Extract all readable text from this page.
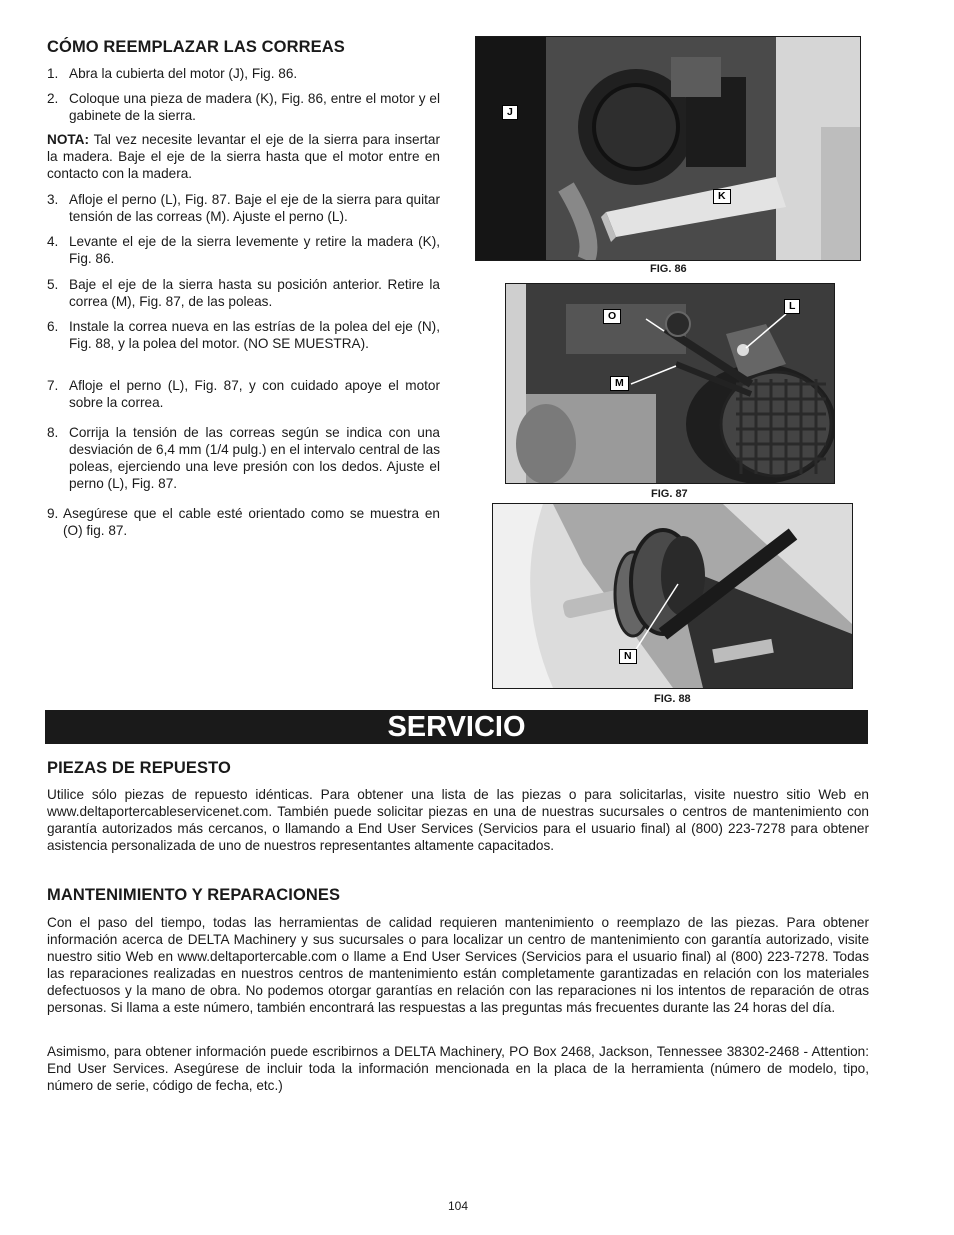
CÓMO REEMPLAZAR LAS CORREAS
1. Abra la cubierta del motor (J), Fig. 86.
2. Coloque una pieza de madera (K), Fig. 86, entre el motor y el gabinete de la sierra.
NOTA: Tal vez necesite levantar el eje de la sierra para insertar la madera. Baje el eje de la sierra hasta que el motor entre en contacto con la madera.
3. Afloje el perno (L), Fig. 87. Baje el eje de la sierra para quitar tensión de las correas (M). Ajuste el perno (L).
4. Levante el eje de la sierra levemente y retire la madera (K), Fig. 86.
5. Baje el eje de la sierra hasta su posición anterior. Retire la correa (M), Fig. 87, de las poleas.
6. Instale la correa nueva en las estrías de la polea del eje (N), Fig. 88, y la polea del motor. (NO SE MUESTRA).
7. Afloje el perno (L), Fig. 87, y con cuidado apoye el motor sobre la correa.
8. Corrija la tensión de las correas según se indica con una desviación de 6,4 mm (1/4 pulg.) en el intervalo central de las poleas, ejerciendo una leve presión con los dedos. Ajuste el perno (L), Fig. 87.
9. Asegúrese que el cable esté orientado como se muestra en (O) fig. 87.
J
K
FIG. 86
O
L
M
FIG. 87
N
FIG. 88
SERVICIO
PIEZAS DE REPUESTO
Utilice sólo piezas de repuesto idénticas. Para obtener una lista de las piezas o para solicitarlas, visite nuestro sitio Web en www.deltaportercableservicenet.com. También puede solicitar piezas en una de nuestras sucursales o centros de mantenimiento con garantía autorizados más cercanos, o llamando a End User Services (Servicios para el usuario final) al (800) 223-7278 para obtener asistencia personalizada de uno de nuestros representantes altamente capacitados.
MANTENIMIENTO Y REPARACIONES
Con el paso del tiempo, todas las herramientas de calidad requieren mantenimiento o reemplazo de las piezas. Para obtener información acerca de DELTA Machinery y sus sucursales o para localizar un centro de mantenimiento con garantía autorizado, visite nuestro sitio Web en www.deltaportercable.com o llame a End User Services (Servicios para el usuario final) al (800) 223-7278. Todas las reparaciones realizadas en nuestros centros de mantenimiento están completamente garantizadas en relación con los materiales defectuosos y la mano de obra. No podemos otorgar garantías en relación con las reparaciones ni los intentos de reparación de otras personas. Si llama a este número, también encontrará las respuestas a las preguntas más frecuentes durante las 24 horas del día.
Asimismo, para obtener información puede escribirnos a DELTA Machinery, PO Box 2468, Jackson, Tennessee 38302-2468 - Attention: End User Services. Asegúrese de incluir toda la información mencionada en la placa de la herramienta (número de modelo, tipo, número de serie, código de fecha, etc.)
104
